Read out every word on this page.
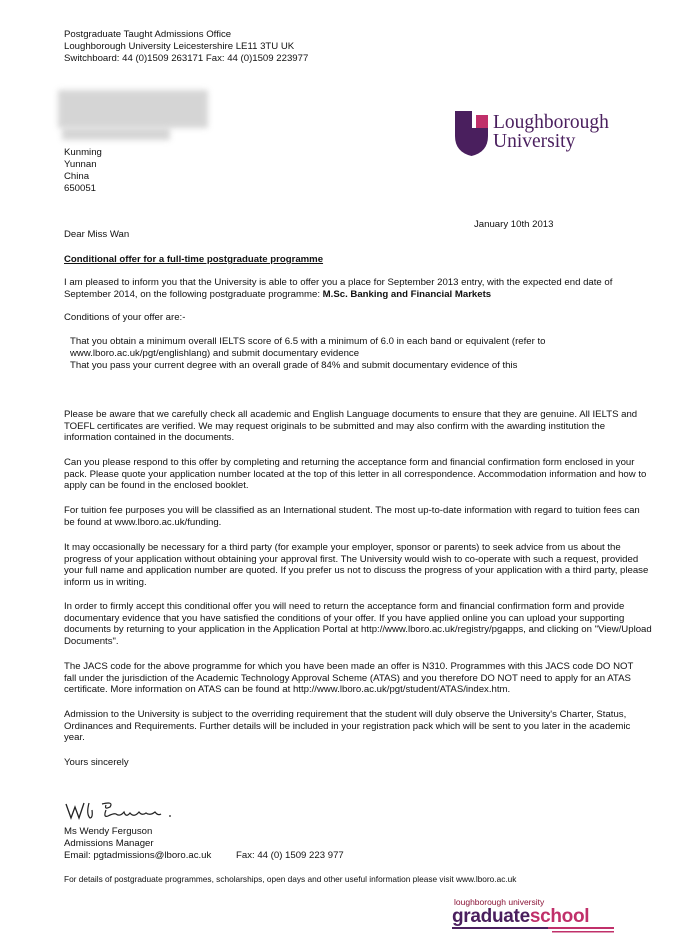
Postgraduate Taught Admissions Office
Loughborough University Leicestershire LE11 3TU UK
Switchboard: 44 (0)1509 263171 Fax: 44 (0)1509 223977
Kunming
Yunnan
China
650051
Loughborough
University
January 10th 2013
Dear Miss Wan
Conditional offer for a full-time postgraduate programme
I am pleased to inform you that the University is able to offer you a place for September 2013 entry, with the expected end date of
September 2014, on the following postgraduate programme: M.Sc. Banking and Financial Markets
Conditions of your offer are:-
That you obtain a minimum overall IELTS score of 6.5 with a minimum of 6.0 in each band or equivalent (refer to
www.lboro.ac.uk/pgt/englishlang) and submit documentary evidence
That you pass your current degree with an overall grade of 84% and submit documentary evidence of this
Please be aware that we carefully check all academic and English Language documents to ensure that they are genuine. All IELTS and
TOEFL certificates are verified. We may request originals to be submitted and may also confirm with the awarding institution the
information contained in the documents.
Can you please respond to this offer by completing and returning the acceptance form and financial confirmation form enclosed in your
pack. Please quote your application number located at the top of this letter in all correspondence. Accommodation information and how to
apply can be found in the enclosed booklet.
For tuition fee purposes you will be classified as an International student. The most up-to-date information with regard to tuition fees can
be found at www.lboro.ac.uk/funding.
It may occasionally be necessary for a third party (for example your employer, sponsor or parents) to seek advice from us about the
progress of your application without obtaining your approval first. The University would wish to co-operate with such a request, provided
your full name and application number are quoted. If you prefer us not to discuss the progress of your application with a third party, please
inform us in writing.
In order to firmly accept this conditional offer you will need to return the acceptance form and financial confirmation form and provide
documentary evidence that you have satisfied the conditions of your offer. If you have applied online you can upload your supporting
documents by returning to your application in the Application Portal at http://www.lboro.ac.uk/registry/pgapps, and clicking on "View/Upload
Documents".
The JACS code for the above programme for which you have been made an offer is N310. Programmes with this JACS code DO NOT
fall under the jurisdiction of the Academic Technology Approval Scheme (ATAS) and you therefore DO NOT need to apply for an ATAS
certificate. More information on ATAS can be found at http://www.lboro.ac.uk/pgt/student/ATAS/index.htm.
Admission to the University is subject to the overriding requirement that the student will duly observe the University's Charter, Status,
Ordinances and Requirements. Further details will be included in your registration pack which will be sent to you later in the academic
year.
Yours sincerely
Ms Wendy Ferguson
Admissions Manager
Email: pgtadmissions@lboro.ac.uk	Fax: 44 (0) 1509 223 977
For details of postgraduate programmes, scholarships, open days and other useful information please visit www.lboro.ac.uk
loughborough university
graduateschool
